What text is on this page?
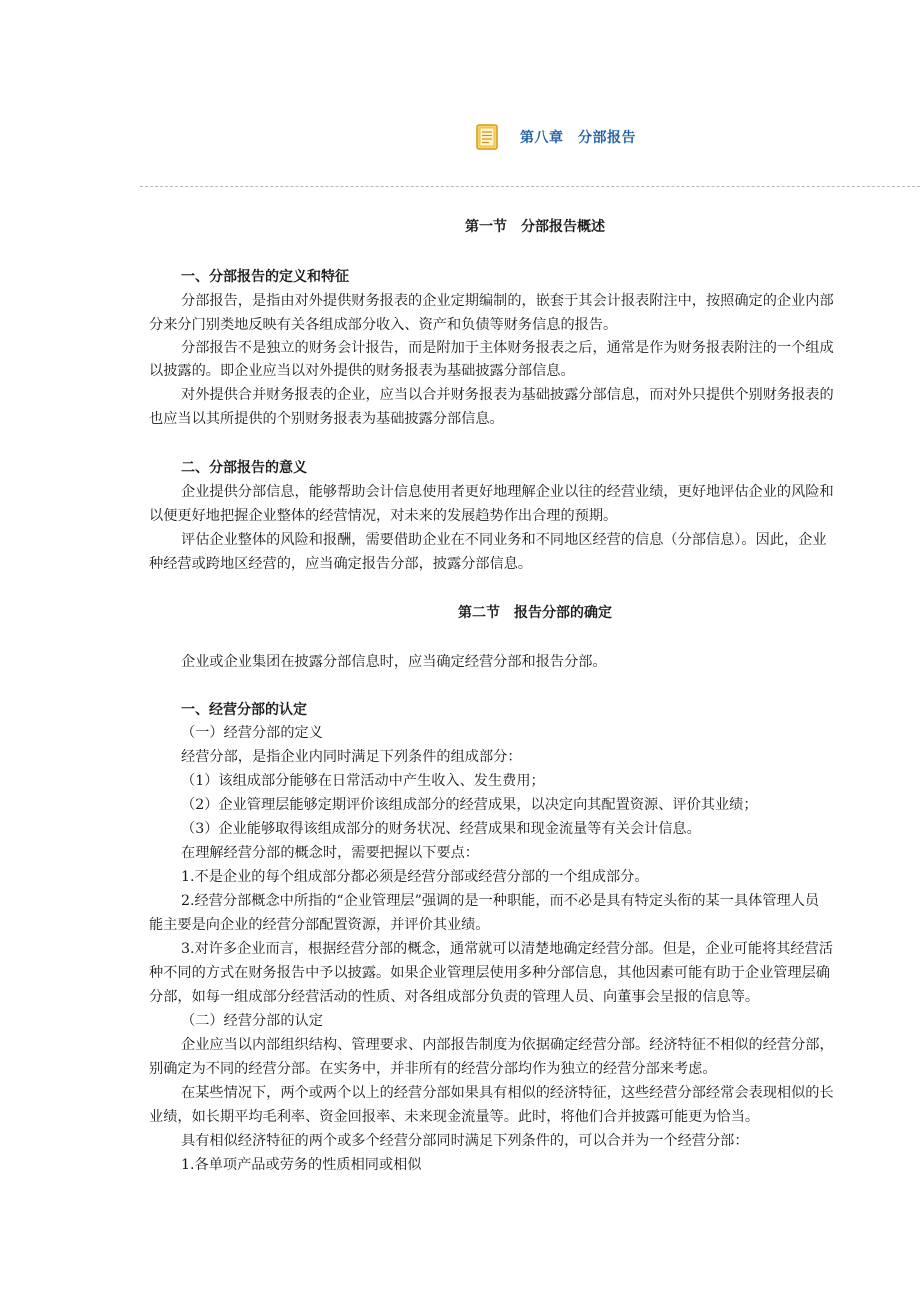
第八章　分部报告
第一节　分部报告概述
一、分部报告的定义和特征
分部报告，是指由对外提供财务报表的企业定期编制的，嵌套于其会计报表附注中，按照确定的企业内部
分来分门别类地反映有关各组成部分收入、资产和负债等财务信息的报告。
分部报告不是独立的财务会计报告，而是附加于主体财务报表之后，通常是作为财务报表附注的一个组成
以披露的。即企业应当以对外提供的财务报表为基础披露分部信息。
对外提供合并财务报表的企业，应当以合并财务报表为基础披露分部信息，而对外只提供个别财务报表的
也应当以其所提供的个别财务报表为基础披露分部信息。
二、分部报告的意义
企业提供分部信息，能够帮助会计信息使用者更好地理解企业以往的经营业绩，更好地评估企业的风险和
以便更好地把握企业整体的经营情况，对未来的发展趋势作出合理的预期。
评估企业整体的风险和报酬，需要借助企业在不同业务和不同地区经营的信息（分部信息）。因此，企业
种经营或跨地区经营的，应当确定报告分部，披露分部信息。
第二节　报告分部的确定
企业或企业集团在披露分部信息时，应当确定经营分部和报告分部。
一、经营分部的认定
（一）经营分部的定义
经营分部，是指企业内同时满足下列条件的组成部分：
（1）该组成部分能够在日常活动中产生收入、发生费用；
（2）企业管理层能够定期评价该组成部分的经营成果，以决定向其配置资源、评价其业绩；
（3）企业能够取得该组成部分的财务状况、经营成果和现金流量等有关会计信息。
在理解经营分部的概念时，需要把握以下要点：
1.不是企业的每个组成部分都必须是经营分部或经营分部的一个组成部分。
2.经营分部概念中所指的“企业管理层”强调的是一种职能，而不必是具有特定头衔的某一具体管理人员
能主要是向企业的经营分部配置资源，并评价其业绩。
3.对许多企业而言，根据经营分部的概念，通常就可以清楚地确定经营分部。但是，企业可能将其经营活
种不同的方式在财务报告中予以披露。如果企业管理层使用多种分部信息，其他因素可能有助于企业管理层确
分部，如每一组成部分经营活动的性质、对各组成部分负责的管理人员、向董事会呈报的信息等。
（二）经营分部的认定
企业应当以内部组织结构、管理要求、内部报告制度为依据确定经营分部。经济特征不相似的经营分部，
别确定为不同的经营分部。在实务中，并非所有的经营分部均作为独立的经营分部来考虑。
在某些情况下，两个或两个以上的经营分部如果具有相似的经济特征，这些经营分部经常会表现相似的长
业绩，如长期平均毛利率、资金回报率、未来现金流量等。此时，将他们合并披露可能更为恰当。
具有相似经济特征的两个或多个经营分部同时满足下列条件的，可以合并为一个经营分部：
1.各单项产品或劳务的性质相同或相似
